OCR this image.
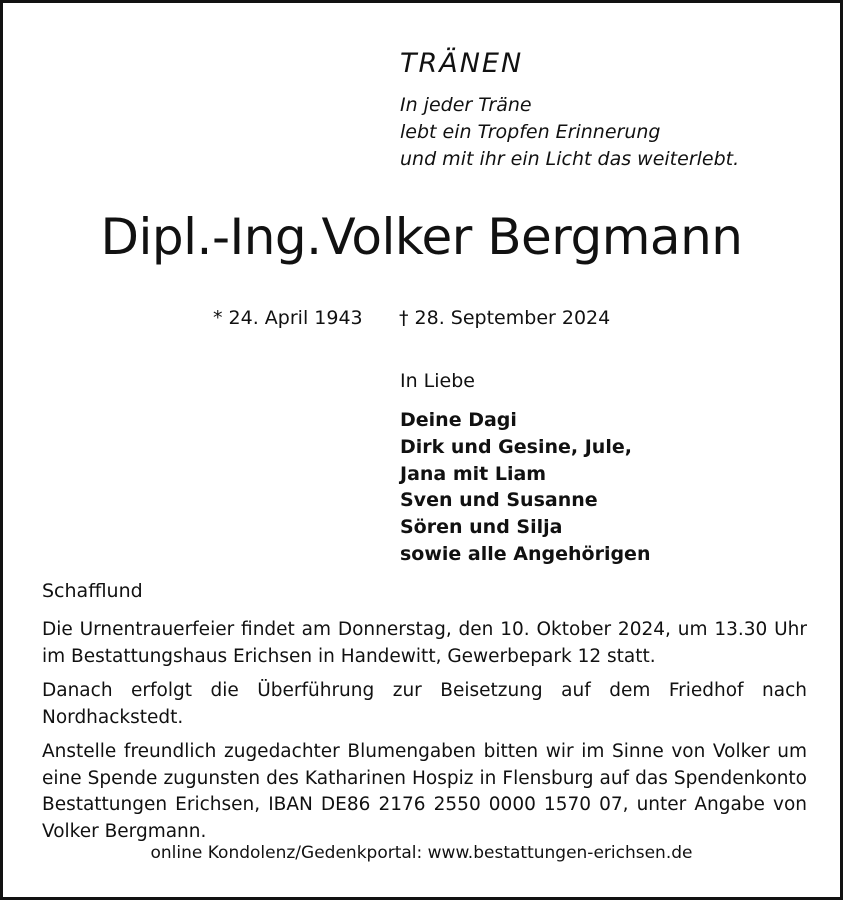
TRÄNEN
In jeder Träne
lebt ein Tropfen Erinnerung
und mit ihr ein Licht das weiterlebt.
Dipl.-Ing.Volker Bergmann
* 24. April 1943 † 28. September 2024
In Liebe
Deine Dagi
Dirk und Gesine, Jule,
Jana mit Liam
Sven und Susanne
Sören und Silja
sowie alle Angehörigen
Schafflund

Die Urnentrauerfeier findet am Donnerstag, den 10. Oktober 2024, um 13.30 Uhr im Bestattungshaus Erichsen in Handewitt, Gewerbepark 12 statt.

Danach erfolgt die Überführung zur Beisetzung auf dem Friedhof nach Nordhackstedt.

Anstelle freundlich zugedachter Blumengaben bitten wir im Sinne von Volker um eine Spende zugunsten des Katharinen Hospiz in Flensburg auf das Spendenkonto Bestattungen Erichsen, IBAN DE86 2176 2550 0000 1570 07, unter Angabe von Volker Bergmann.

online Kondolenz/Gedenkportal: www.bestattungen-erichsen.de
